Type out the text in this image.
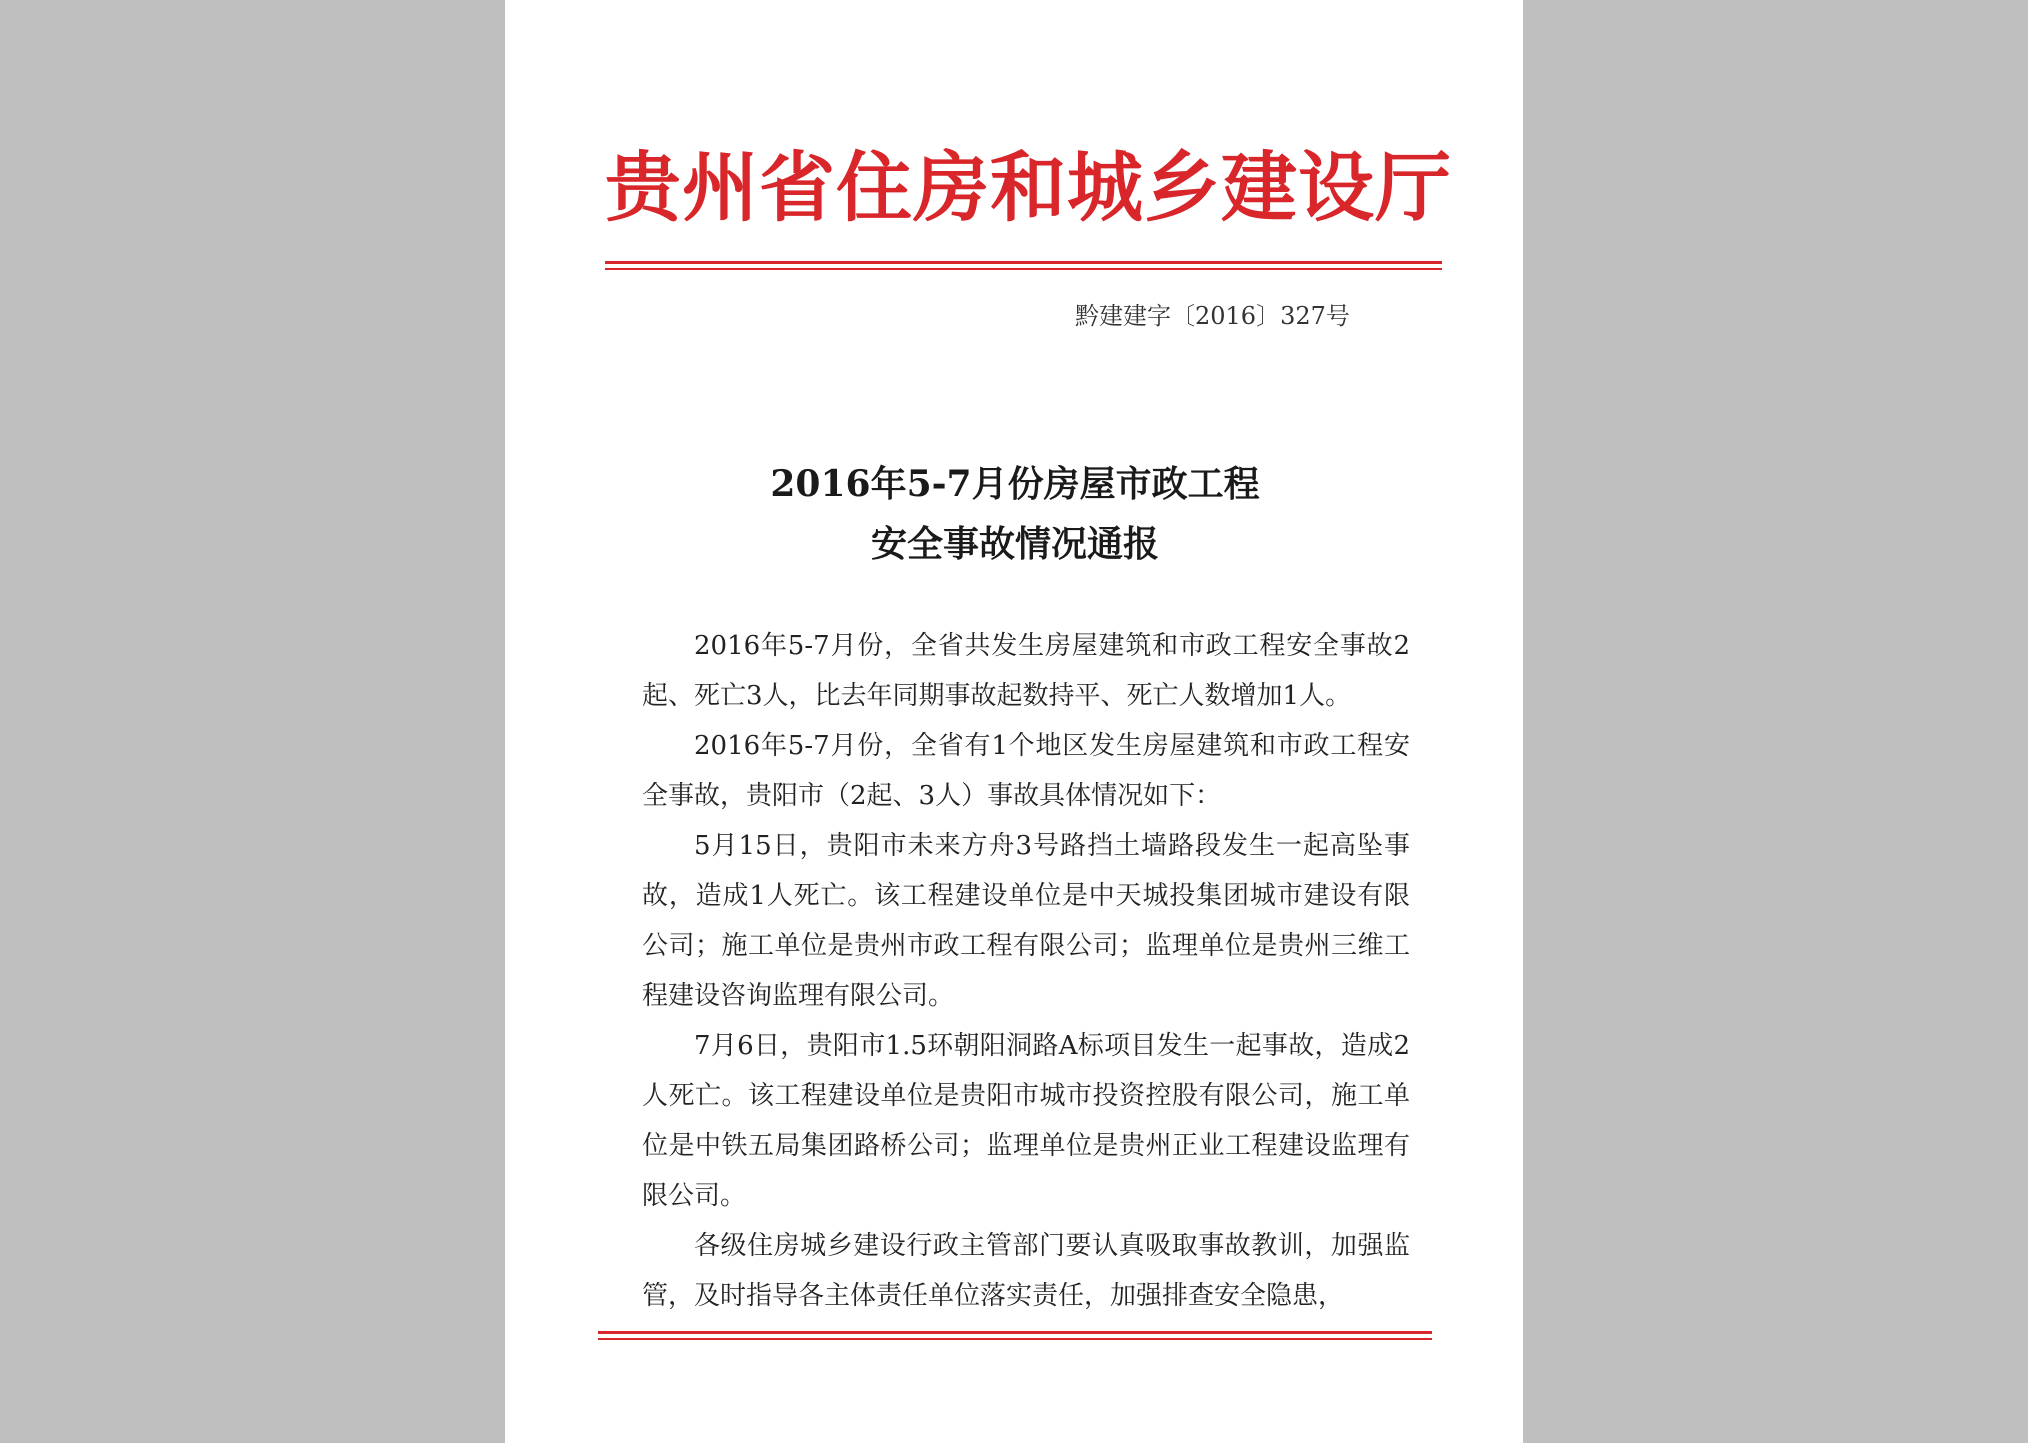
贵州省住房和城乡建设厅
黔建建字〔2016〕327号
2016年5-7月份房屋市政工程
安全事故情况通报

2016年5-7月份，全省共发生房屋建筑和市政工程安全事故2起、死亡3人，比去年同期事故起数持平、死亡人数增加1人。

2016年5-7月份，全省有1个地区发生房屋建筑和市政工程安全事故，贵阳市（2起、3人）事故具体情况如下：

5月15日，贵阳市未来方舟3号路挡土墙路段发生一起高坠事故，造成1人死亡。该工程建设单位是中天城投集团城市建设有限公司；施工单位是贵州市政工程有限公司；监理单位是贵州三维工程建设咨询监理有限公司。

7月6日，贵阳市1.5环朝阳洞路A标项目发生一起事故，造成2人死亡。该工程建设单位是贵阳市城市投资控股有限公司，施工单位是中铁五局集团路桥公司；监理单位是贵州正业工程建设监理有限公司。

各级住房城乡建设行政主管部门要认真吸取事故教训，加强监管，及时指导各主体责任单位落实责任，加强排查安全隐患，
